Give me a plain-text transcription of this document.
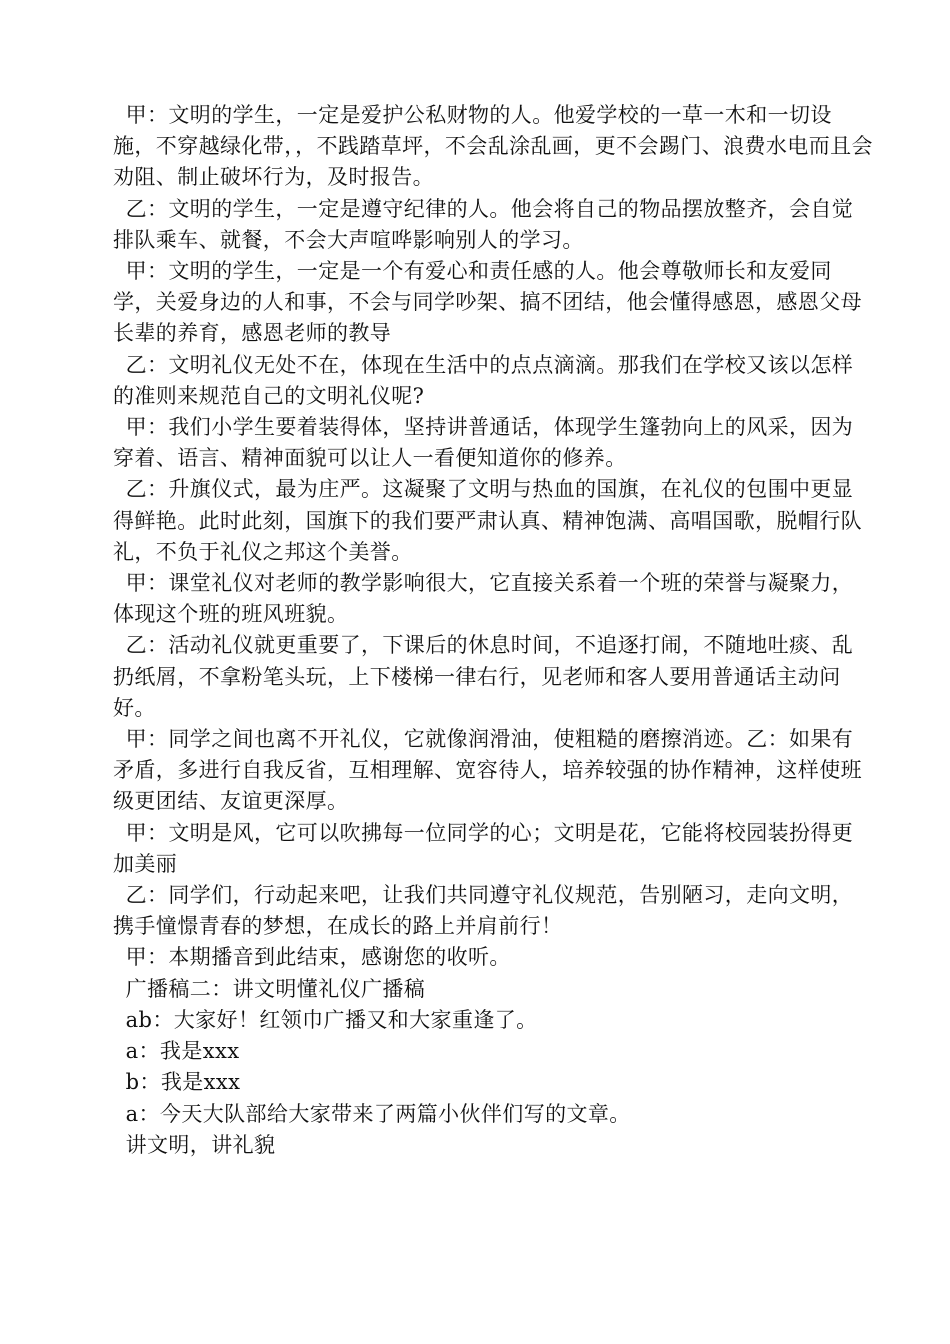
甲：文明的学生，一定是爱护公私财物的人。他爱学校的一草一木和一切设施，不穿越绿化带，，不践踏草坪，不会乱涂乱画，更不会踢门、浪费水电而且会劝阻、制止破坏行为，及时报告。

乙：文明的学生，一定是遵守纪律的人。他会将自己的物品摆放整齐，会自觉排队乘车、就餐，不会大声喧哗影响别人的学习。

甲：文明的学生，一定是一个有爱心和责任感的人。他会尊敬师长和友爱同学，关爱身边的人和事，不会与同学吵架、搞不团结，他会懂得感恩，感恩父母长辈的养育，感恩老师的教导

乙：文明礼仪无处不在，体现在生活中的点点滴滴。那我们在学校又该以怎样的准则来规范自己的文明礼仪呢?

甲：我们小学生要着装得体，坚持讲普通话，体现学生篷勃向上的风采，因为穿着、语言、精神面貌可以让人一看便知道你的修养。

乙：升旗仪式，最为庄严。这凝聚了文明与热血的国旗，在礼仪的包围中更显得鲜艳。此时此刻，国旗下的我们要严肃认真、精神饱满、高唱国歌，脱帽行队礼，不负于礼仪之邦这个美誉。

甲：课堂礼仪对老师的教学影响很大，它直接关系着一个班的荣誉与凝聚力，体现这个班的班风班貌。

乙：活动礼仪就更重要了，下课后的休息时间，不追逐打闹，不随地吐痰、乱扔纸屑，不拿粉笔头玩，上下楼梯一律右行，见老师和客人要用普通话主动问好。

甲：同学之间也离不开礼仪，它就像润滑油，使粗糙的磨擦消迹。乙：如果有矛盾，多进行自我反省，互相理解、宽容待人，培养较强的协作精神，这样使班级更团结、友谊更深厚。

甲：文明是风，它可以吹拂每一位同学的心；文明是花，它能将校园装扮得更加美丽

乙：同学们，行动起来吧，让我们共同遵守礼仪规范，告别陋习，走向文明，携手憧憬青春的梦想，在成长的路上并肩前行！

甲：本期播音到此结束，感谢您的收听。

广播稿二：讲文明懂礼仪广播稿

ab：大家好！红领巾广播又和大家重逢了。

a：我是xxx

b：我是xxx

a：今天大队部给大家带来了两篇小伙伴们写的文章。

讲文明，讲礼貌
